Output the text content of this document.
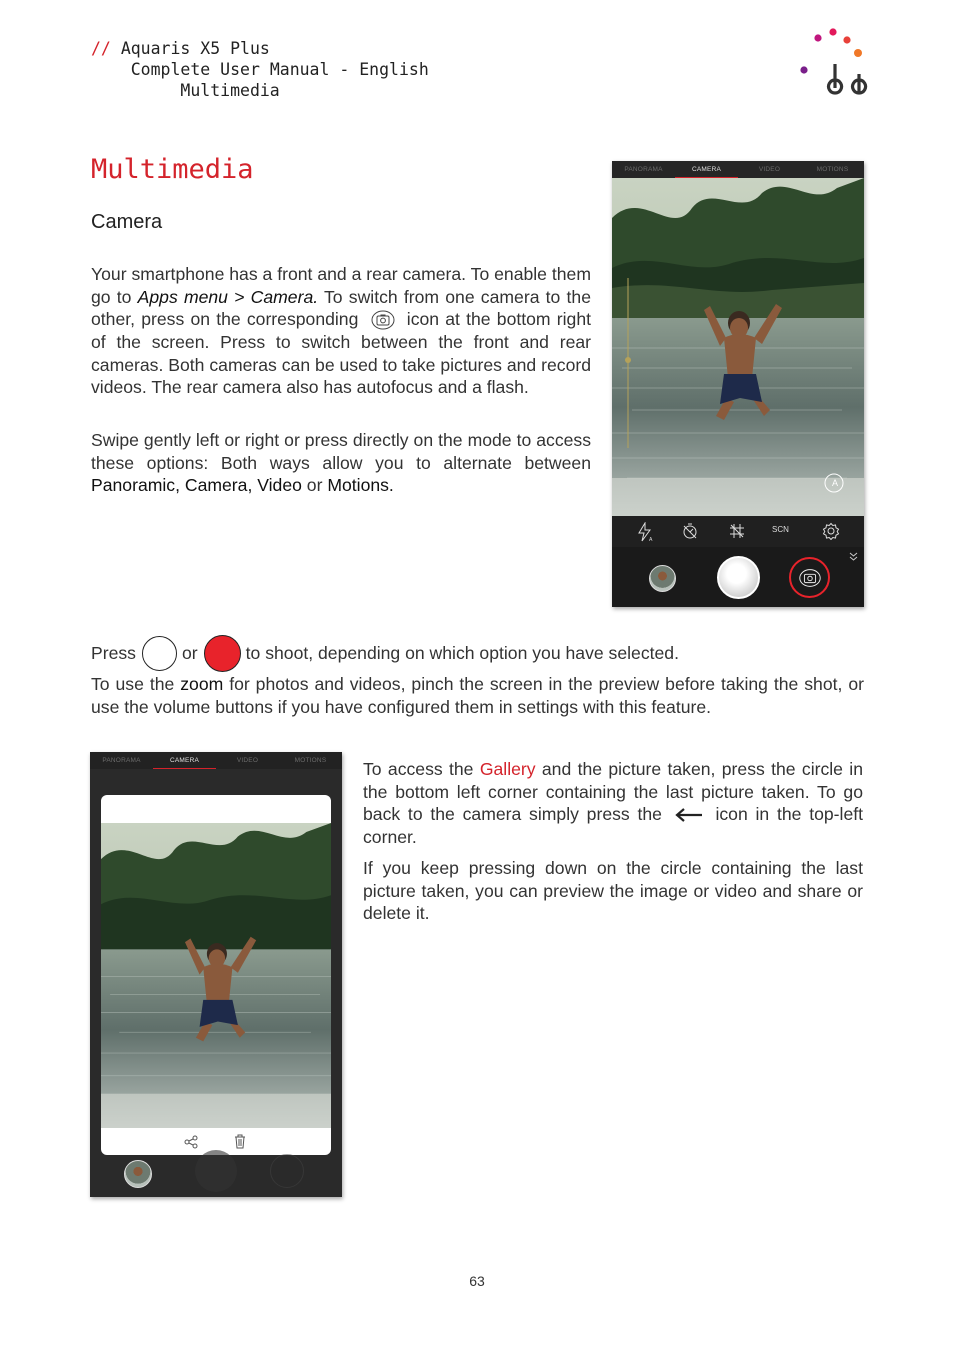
// Aquaris X5 Plus
Complete User Manual - English
Multimedia
Multimedia
Camera
Your smartphone has a front and a rear camera. To enable them go to Apps menu > Camera. To switch from one camera to the other, press on the corresponding  icon at the bottom right of the screen. Press to switch between the front and rear cameras. Both cameras can be used to take pictures and record videos. The rear camera also has autofocus and a flash.
Swipe gently left or right or press directly on the mode to access these options: Both ways allow you to alternate between Panoramic, Camera, Video or Motions.
PANORAMA	CAMERA	VIDEO	MOTIONS
A
A
SCN
Press	or	to shoot, depending on which option you have selected.
To use the zoom for photos and videos, pinch the screen in the preview before taking the shot, or use the volume buttons if you have configured them in settings with this feature.
PANORAMA	CAMERA	VIDEO	MOTIONS	To access the Gallery and the picture taken, press the circle in the bottom left corner containing the last picture taken. To go back to the camera simply press the  icon in the top-left corner.
If you keep pressing down on the circle containing the last picture taken, you can preview the image or video and share or delete it.
63
